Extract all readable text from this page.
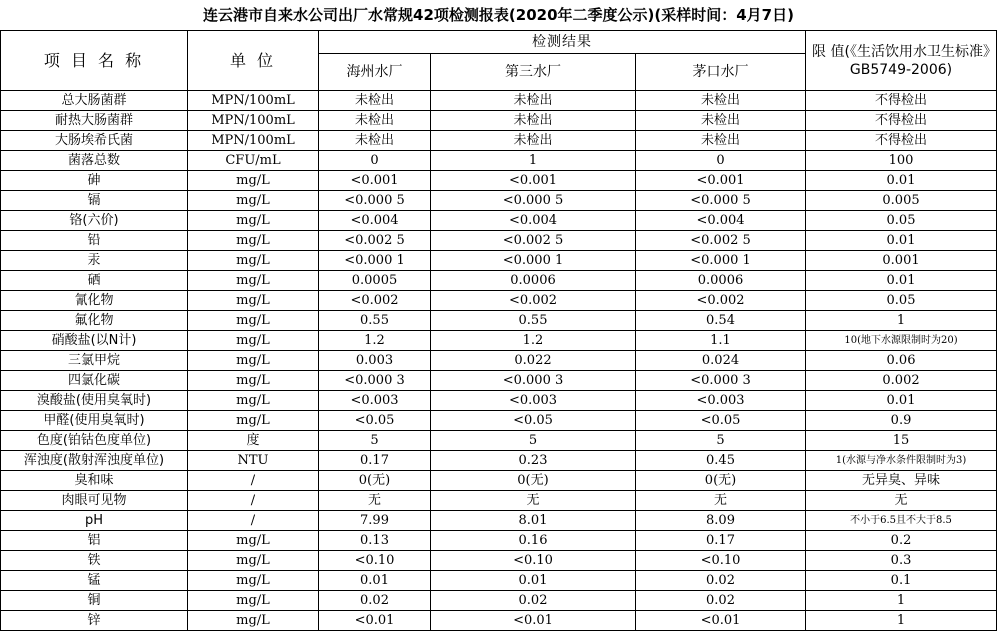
连云港市自来水公司出厂水常规42项检测报表(2020年二季度公示)(采样时间：4月7日)
项 目 名 称	单 位	检测结果			限 值(《生活饮用水卫生标准》GB5749-2006)
		海州水厂	第三水厂	茅口水厂	
总大肠菌群	MPN/100mL	未检出	未检出	未检出	不得检出
耐热大肠菌群	MPN/100mL	未检出	未检出	未检出	不得检出
大肠埃希氏菌	MPN/100mL	未检出	未检出	未检出	不得检出
菌落总数	CFU/mL	0	1	0	100
砷	mg/L	<0.001	<0.001	<0.001	0.01
镉	mg/L	<0.000 5	<0.000 5	<0.000 5	0.005
铬(六价)	mg/L	<0.004	<0.004	<0.004	0.05
铅	mg/L	<0.002 5	<0.002 5	<0.002 5	0.01
汞	mg/L	<0.000 1	<0.000 1	<0.000 1	0.001
硒	mg/L	0.0005	0.0006	0.0006	0.01
氰化物	mg/L	<0.002	<0.002	<0.002	0.05
氟化物	mg/L	0.55	0.55	0.54	1
硝酸盐(以N计)	mg/L	1.2	1.2	1.1	10(地下水源限制时为20)
三氯甲烷	mg/L	0.003	0.022	0.024	0.06
四氯化碳	mg/L	<0.000 3	<0.000 3	<0.000 3	0.002
溴酸盐(使用臭氧时)	mg/L	<0.003	<0.003	<0.003	0.01
甲醛(使用臭氧时)	mg/L	<0.05	<0.05	<0.05	0.9
色度(铂钴色度单位)	度	5	5	5	15
浑浊度(散射浑浊度单位)	NTU	0.17	0.23	0.45	1(水源与净水条件限制时为3)
臭和味	/	0(无)	0(无)	0(无)	无异臭、异味
肉眼可见物	/	无	无	无	无
pH	/	7.99	8.01	8.09	不小于6.5且不大于8.5
铝	mg/L	0.13	0.16	0.17	0.2
铁	mg/L	<0.10	<0.10	<0.10	0.3
锰	mg/L	0.01	0.01	0.02	0.1
铜	mg/L	0.02	0.02	0.02	1
锌	mg/L	<0.01	<0.01	<0.01	1
